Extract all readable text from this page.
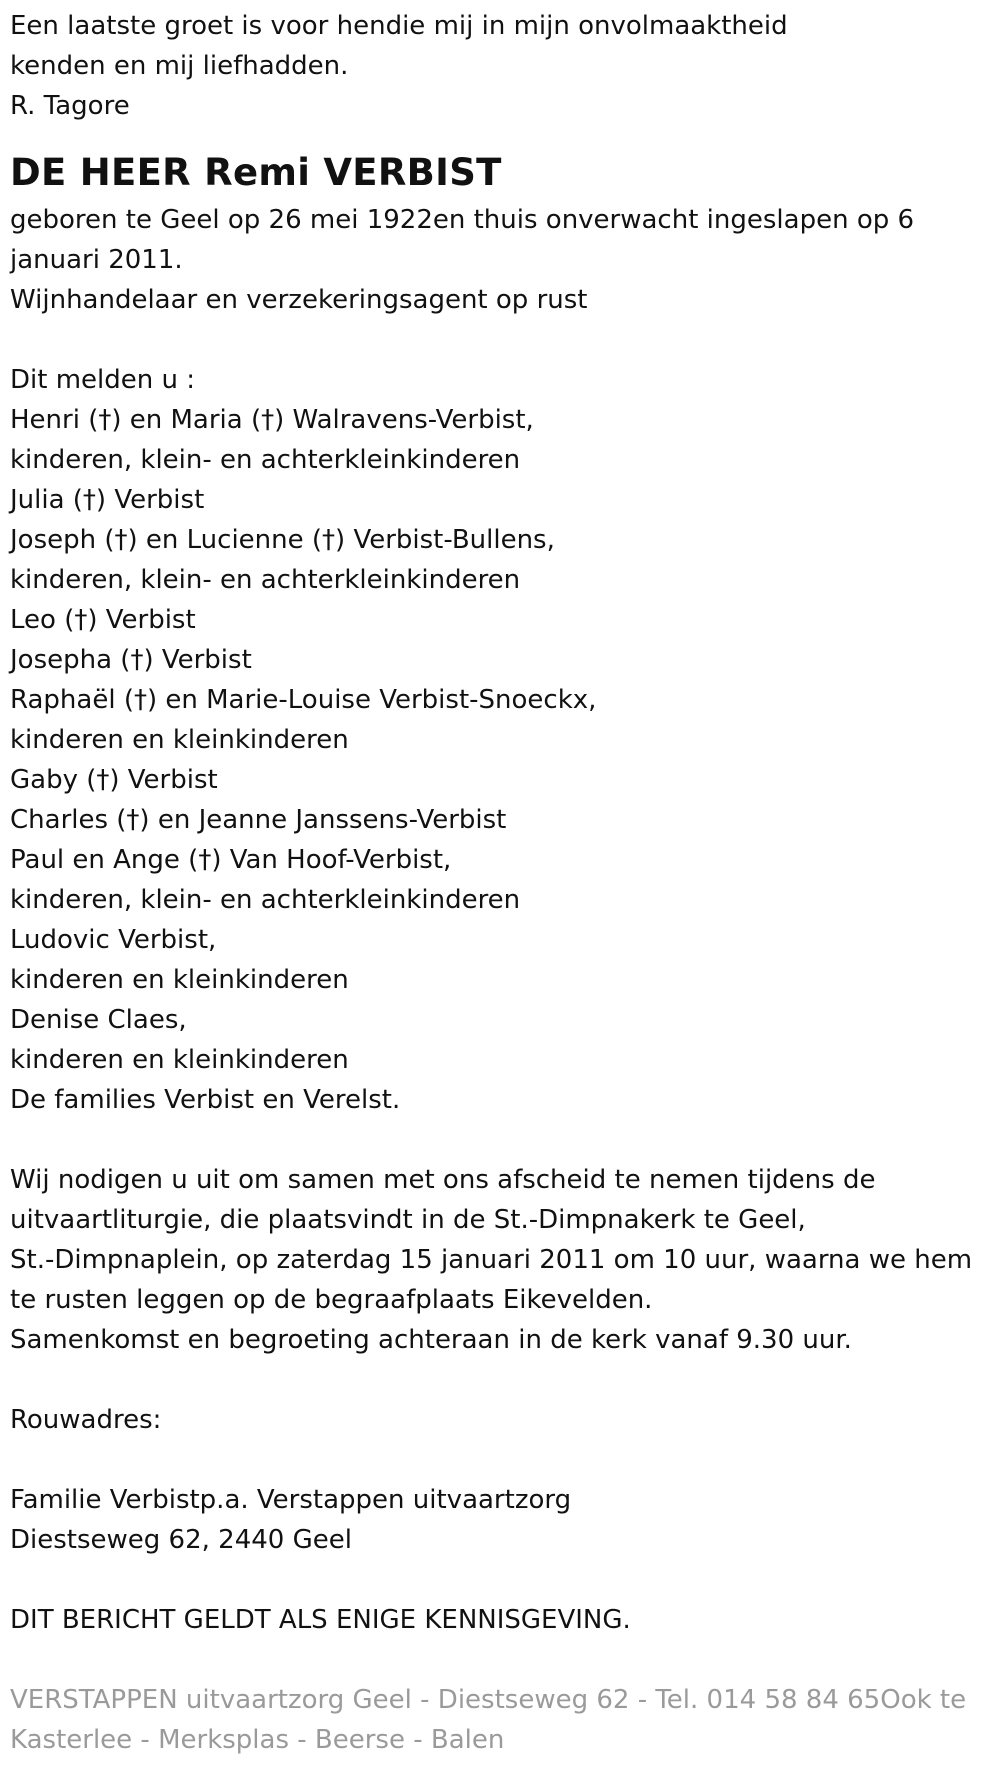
Een laatste groet is voor hendie mij in mijn onvolmaaktheid
kenden en mij liefhadden.
R. Tagore
DE HEER Remi VERBIST
geboren te Geel op 26 mei 1922en thuis onverwacht ingeslapen op 6
januari 2011.
Wijnhandelaar en verzekeringsagent op rust
Dit melden u :
Henri (†) en Maria (†) Walravens-Verbist,
kinderen, klein- en achterkleinkinderen
Julia (†) Verbist
Joseph (†) en Lucienne (†) Verbist-Bullens,
kinderen, klein- en achterkleinkinderen
Leo (†) Verbist
Josepha (†) Verbist
Raphaël (†) en Marie-Louise Verbist-Snoeckx,
kinderen en kleinkinderen
Gaby (†) Verbist
Charles (†) en Jeanne Janssens-Verbist
Paul en Ange (†) Van Hoof-Verbist,
kinderen, klein- en achterkleinkinderen
Ludovic Verbist,
kinderen en kleinkinderen
Denise Claes,
kinderen en kleinkinderen
De families Verbist en Verelst.
Wij nodigen u uit om samen met ons afscheid te nemen tijdens de
uitvaartliturgie, die plaatsvindt in de St.-Dimpnakerk te Geel,
St.-Dimpnaplein, op zaterdag 15 januari 2011 om 10 uur, waarna we hem
te rusten leggen op de begraafplaats Eikevelden.
Samenkomst en begroeting achteraan in de kerk vanaf 9.30 uur.
Rouwadres:
Familie Verbistp.a. Verstappen uitvaartzorg
Diestseweg 62, 2440 Geel
DIT BERICHT GELDT ALS ENIGE KENNISGEVING.
VERSTAPPEN uitvaartzorg Geel - Diestseweg 62 - Tel. 014 58 84 65Ook te
Kasterlee - Merksplas - Beerse - Balen
